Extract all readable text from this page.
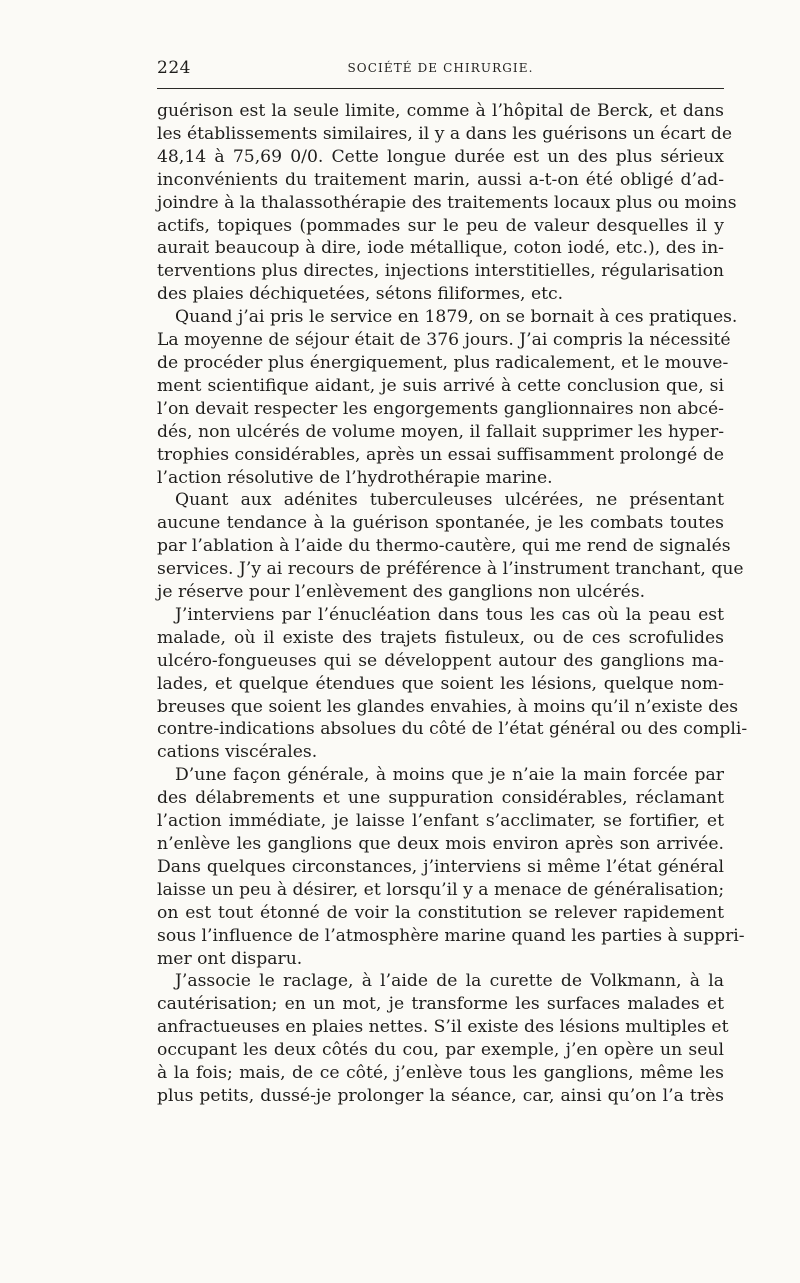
224	SOCIÉTÉ DE CHIRURGIE.
guérison est la seule limite, comme à l’hôpital de Berck, et dans
les établissements similaires, il y a dans les guérisons un écart de
48,14 à 75,69 0/0. Cette longue durée est un des plus sérieux
inconvénients du traitement marin, aussi a-t-on été obligé d’ad-
joindre à la thalassothérapie des traitements locaux plus ou moins
actifs, topiques (pommades sur le peu de valeur desquelles il y
aurait beaucoup à dire, iode métallique, coton iodé, etc.), des in-
terventions plus directes, injections interstitielles, régularisation
des plaies déchiquetées, sétons filiformes, etc.
Quand j’ai pris le service en 1879, on se bornait à ces pratiques.
La moyenne de séjour était de 376 jours. J’ai compris la nécessité
de procéder plus énergiquement, plus radicalement, et le mouve-
ment scientifique aidant, je suis arrivé à cette conclusion que, si
l’on devait respecter les engorgements ganglionnaires non abcé-
dés, non ulcérés de volume moyen, il fallait supprimer les hyper-
trophies considérables, après un essai suffisamment prolongé de
l’action résolutive de l’hydrothérapie marine.
Quant aux adénites tuberculeuses ulcérées, ne présentant
aucune tendance à la guérison spontanée, je les combats toutes
par l’ablation à l’aide du thermo-cautère, qui me rend de signalés
services. J’y ai recours de préférence à l’instrument tranchant, que
je réserve pour l’enlèvement des ganglions non ulcérés.
J’interviens par l’énucléation dans tous les cas où la peau est
malade, où il existe des trajets fistuleux, ou de ces scrofulides
ulcéro-fongueuses qui se développent autour des ganglions ma-
lades, et quelque étendues que soient les lésions, quelque nom-
breuses que soient les glandes envahies, à moins qu’il n’existe des
contre-indications absolues du côté de l’état général ou des compli-
cations viscérales.
D’une façon générale, à moins que je n’aie la main forcée par
des délabrements et une suppuration considérables, réclamant
l’action immédiate, je laisse l’enfant s’acclimater, se fortifier, et
n’enlève les ganglions que deux mois environ après son arrivée.
Dans quelques circonstances, j’interviens si même l’état général
laisse un peu à désirer, et lorsqu’il y a menace de généralisation;
on est tout étonné de voir la constitution se relever rapidement
sous l’influence de l’atmosphère marine quand les parties à suppri-
mer ont disparu.
J’associe le raclage, à l’aide de la curette de Volkmann, à la
cautérisation; en un mot, je transforme les surfaces malades et
anfractueuses en plaies nettes. S’il existe des lésions multiples et
occupant les deux côtés du cou, par exemple, j’en opère un seul
à la fois; mais, de ce côté, j’enlève tous les ganglions, même les
plus petits, dussé-je prolonger la séance, car, ainsi qu’on l’a très
